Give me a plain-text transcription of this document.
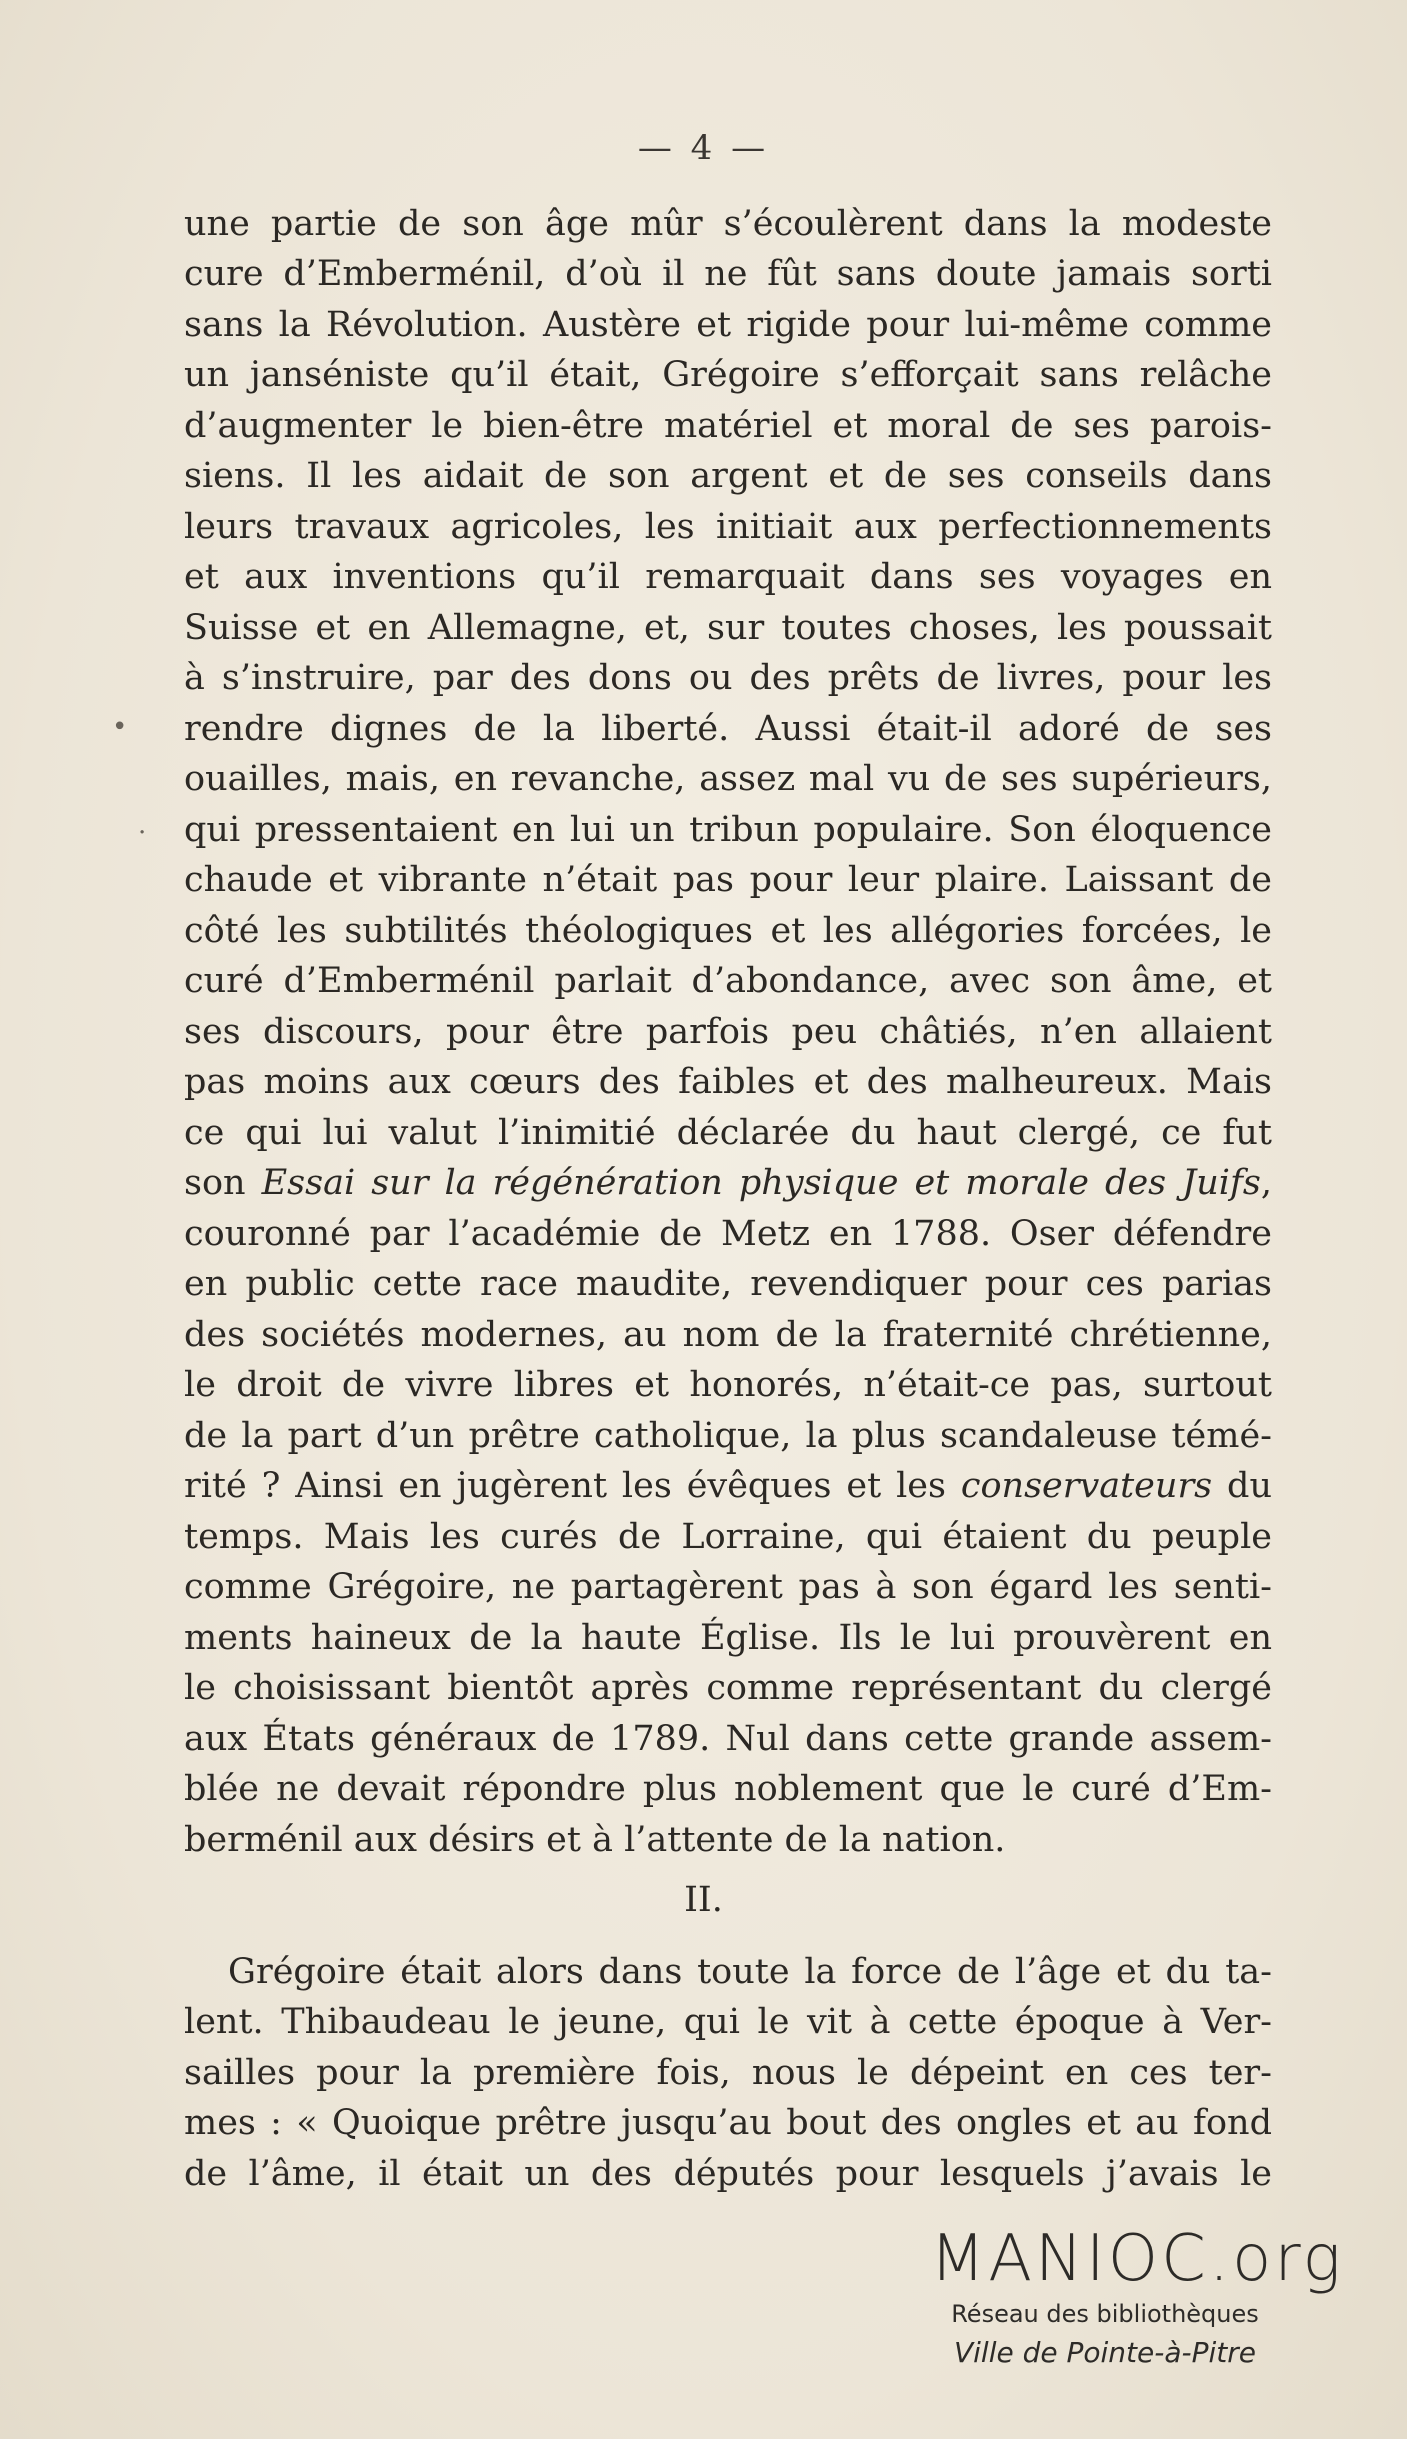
— 4 —
une partie de son âge mûr s’écoulèrent dans la modeste
cure d’Emberménil, d’où il ne fût sans doute jamais sorti
sans la Révolution. Austère et rigide pour lui-même comme
un janséniste qu’il était, Grégoire s’efforçait sans relâche
d’augmenter le bien-être matériel et moral de ses parois-
siens. Il les aidait de son argent et de ses conseils dans
leurs travaux agricoles, les initiait aux perfectionnements
et aux inventions qu’il remarquait dans ses voyages en
Suisse et en Allemagne, et, sur toutes choses, les poussait
à s’instruire, par des dons ou des prêts de livres, pour les
rendre dignes de la liberté. Aussi était-il adoré de ses
ouailles, mais, en revanche, assez mal vu de ses supérieurs,
qui pressentaient en lui un tribun populaire. Son éloquence
chaude et vibrante n’était pas pour leur plaire. Laissant de
côté les subtilités théologiques et les allégories forcées, le
curé d’Emberménil parlait d’abondance, avec son âme, et
ses discours, pour être parfois peu châtiés, n’en allaient
pas moins aux cœurs des faibles et des malheureux. Mais
ce qui lui valut l’inimitié déclarée du haut clergé, ce fut
son Essai sur la régénération physique et morale des Juifs,
couronné par l’académie de Metz en 1788. Oser défendre
en public cette race maudite, revendiquer pour ces parias
des sociétés modernes, au nom de la fraternité chrétienne,
le droit de vivre libres et honorés, n’était-ce pas, surtout
de la part d’un prêtre catholique, la plus scandaleuse témé-
rité ? Ainsi en jugèrent les évêques et les conservateurs du
temps. Mais les curés de Lorraine, qui étaient du peuple
comme Grégoire, ne partagèrent pas à son égard les senti-
ments haineux de la haute Église. Ils le lui prouvèrent en
le choisissant bientôt après comme représentant du clergé
aux États généraux de 1789. Nul dans cette grande assem-
blée ne devait répondre plus noblement que le curé d’Em-
berménil aux désirs et à l’attente de la nation.
II.
Grégoire était alors dans toute la force de l’âge et du ta-
lent. Thibaudeau le jeune, qui le vit à cette époque à Ver-
sailles pour la première fois, nous le dépeint en ces ter-
mes : « Quoique prêtre jusqu’au bout des ongles et au fond
de l’âme, il était un des députés pour lesquels j’avais le
•
·
MANIOC.org
Réseau des bibliothèques
Ville de Pointe-à-Pitre
